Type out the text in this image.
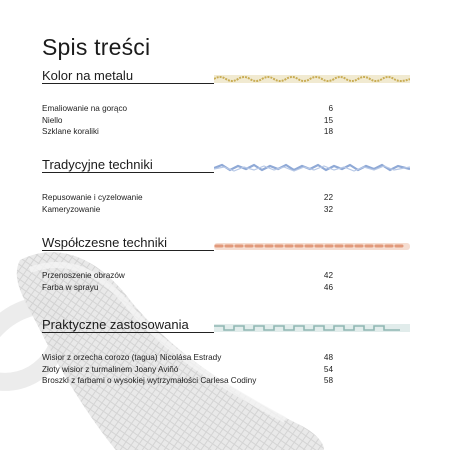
Spis treści
Kolor na metalu
Emaliowanie na gorąco	6
Niello	15
Szklane koraliki	18
Tradycyjne techniki
Repusowanie i cyzelowanie	22
Kameryzowanie	32
Współczesne techniki
Przenoszenie obrazów	42
Farba w sprayu	46
Praktyczne zastosowania
Wisior z orzecha corozo (tagua) Nicolása Estrady	48
Złoty wisior z turmalinem Joany Aviñó	54
Broszki z farbami o wysokiej wytrzymałości Carlesa Codiny	58
